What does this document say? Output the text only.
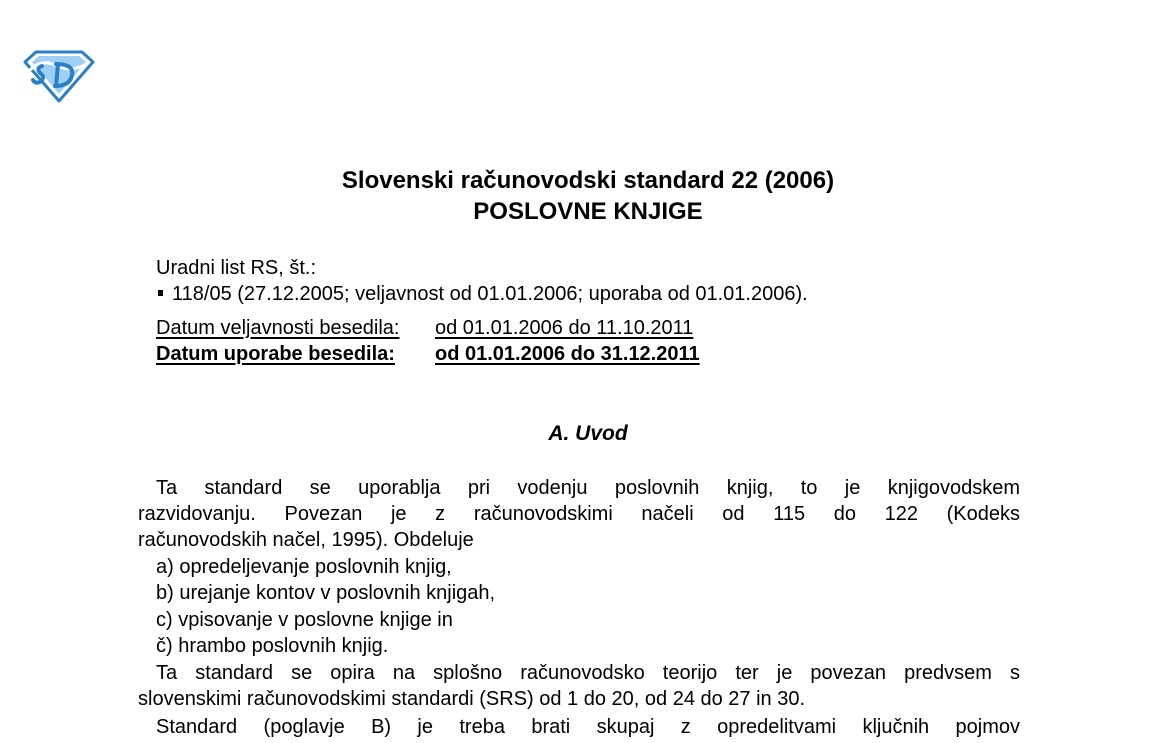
Slovenski računovodski standard 22 (2006)
POSLOVNE KNJIGE
Uradni list RS, št.:
118/05 (27.12.2005; veljavnost od 01.01.2006; uporaba od 01.01.2006).
Datum veljavnosti besedila: od 01.01.2006 do 11.10.2011
Datum uporabe besedila: od 01.01.2006 do 31.12.2011
A. Uvod
Ta standard se uporablja pri vodenju poslovnih knjig, to je knjigovodskem
razvidovanju. Povezan je z računovodskimi načeli od 115 do 122 (Kodeks
računovodskih načel, 1995). Obdeluje
a) opredeljevanje poslovnih knjig,
b) urejanje kontov v poslovnih knjigah,
c) vpisovanje v poslovne knjige in
č) hrambo poslovnih knjig.
Ta standard se opira na splošno računovodsko teorijo ter je povezan predvsem s
slovenskimi računovodskimi standardi (SRS) od 1 do 20, od 24 do 27 in 30.
Standard (poglavje B) je treba brati skupaj z opredelitvami ključnih pojmov
